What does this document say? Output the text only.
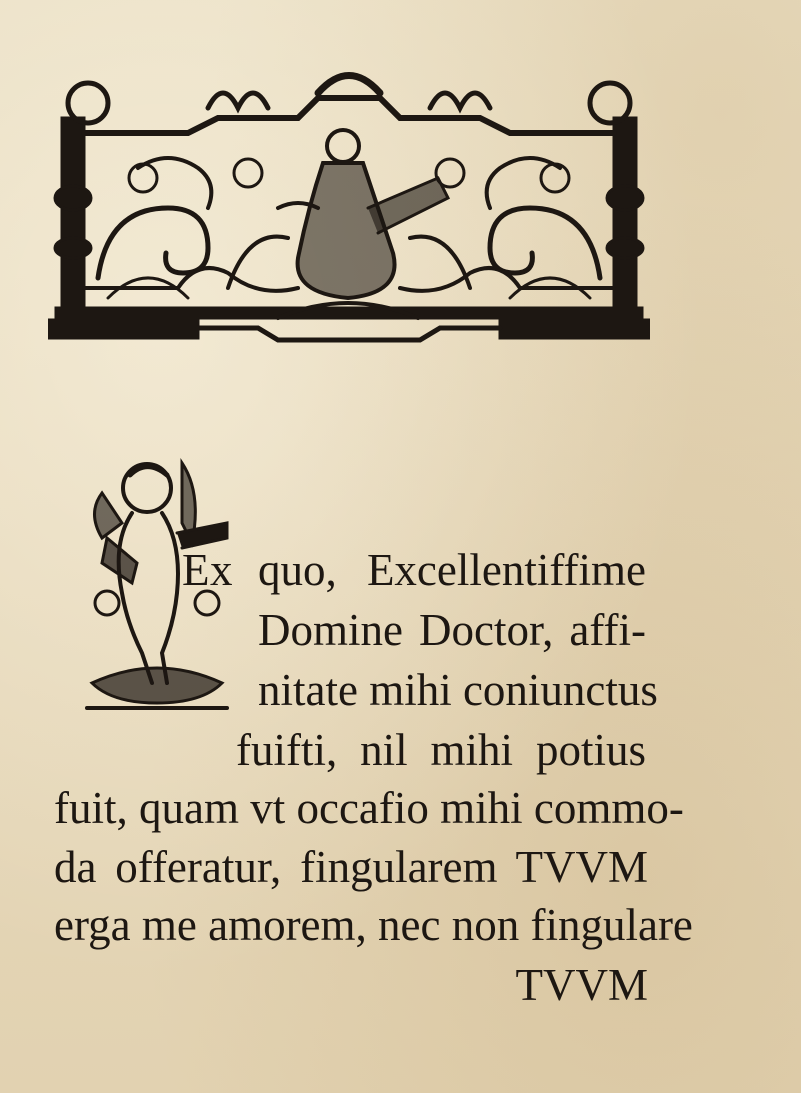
Ex quo, Excellentiffime
Domine Doctor, affi-
nitate mihi coniunctus
fuifti, nil mihi potius
fuit, quam vt occafio mihi commo-
da offeratur, fingularem TVVM
erga me amorem, nec non fingulare
TVVM
